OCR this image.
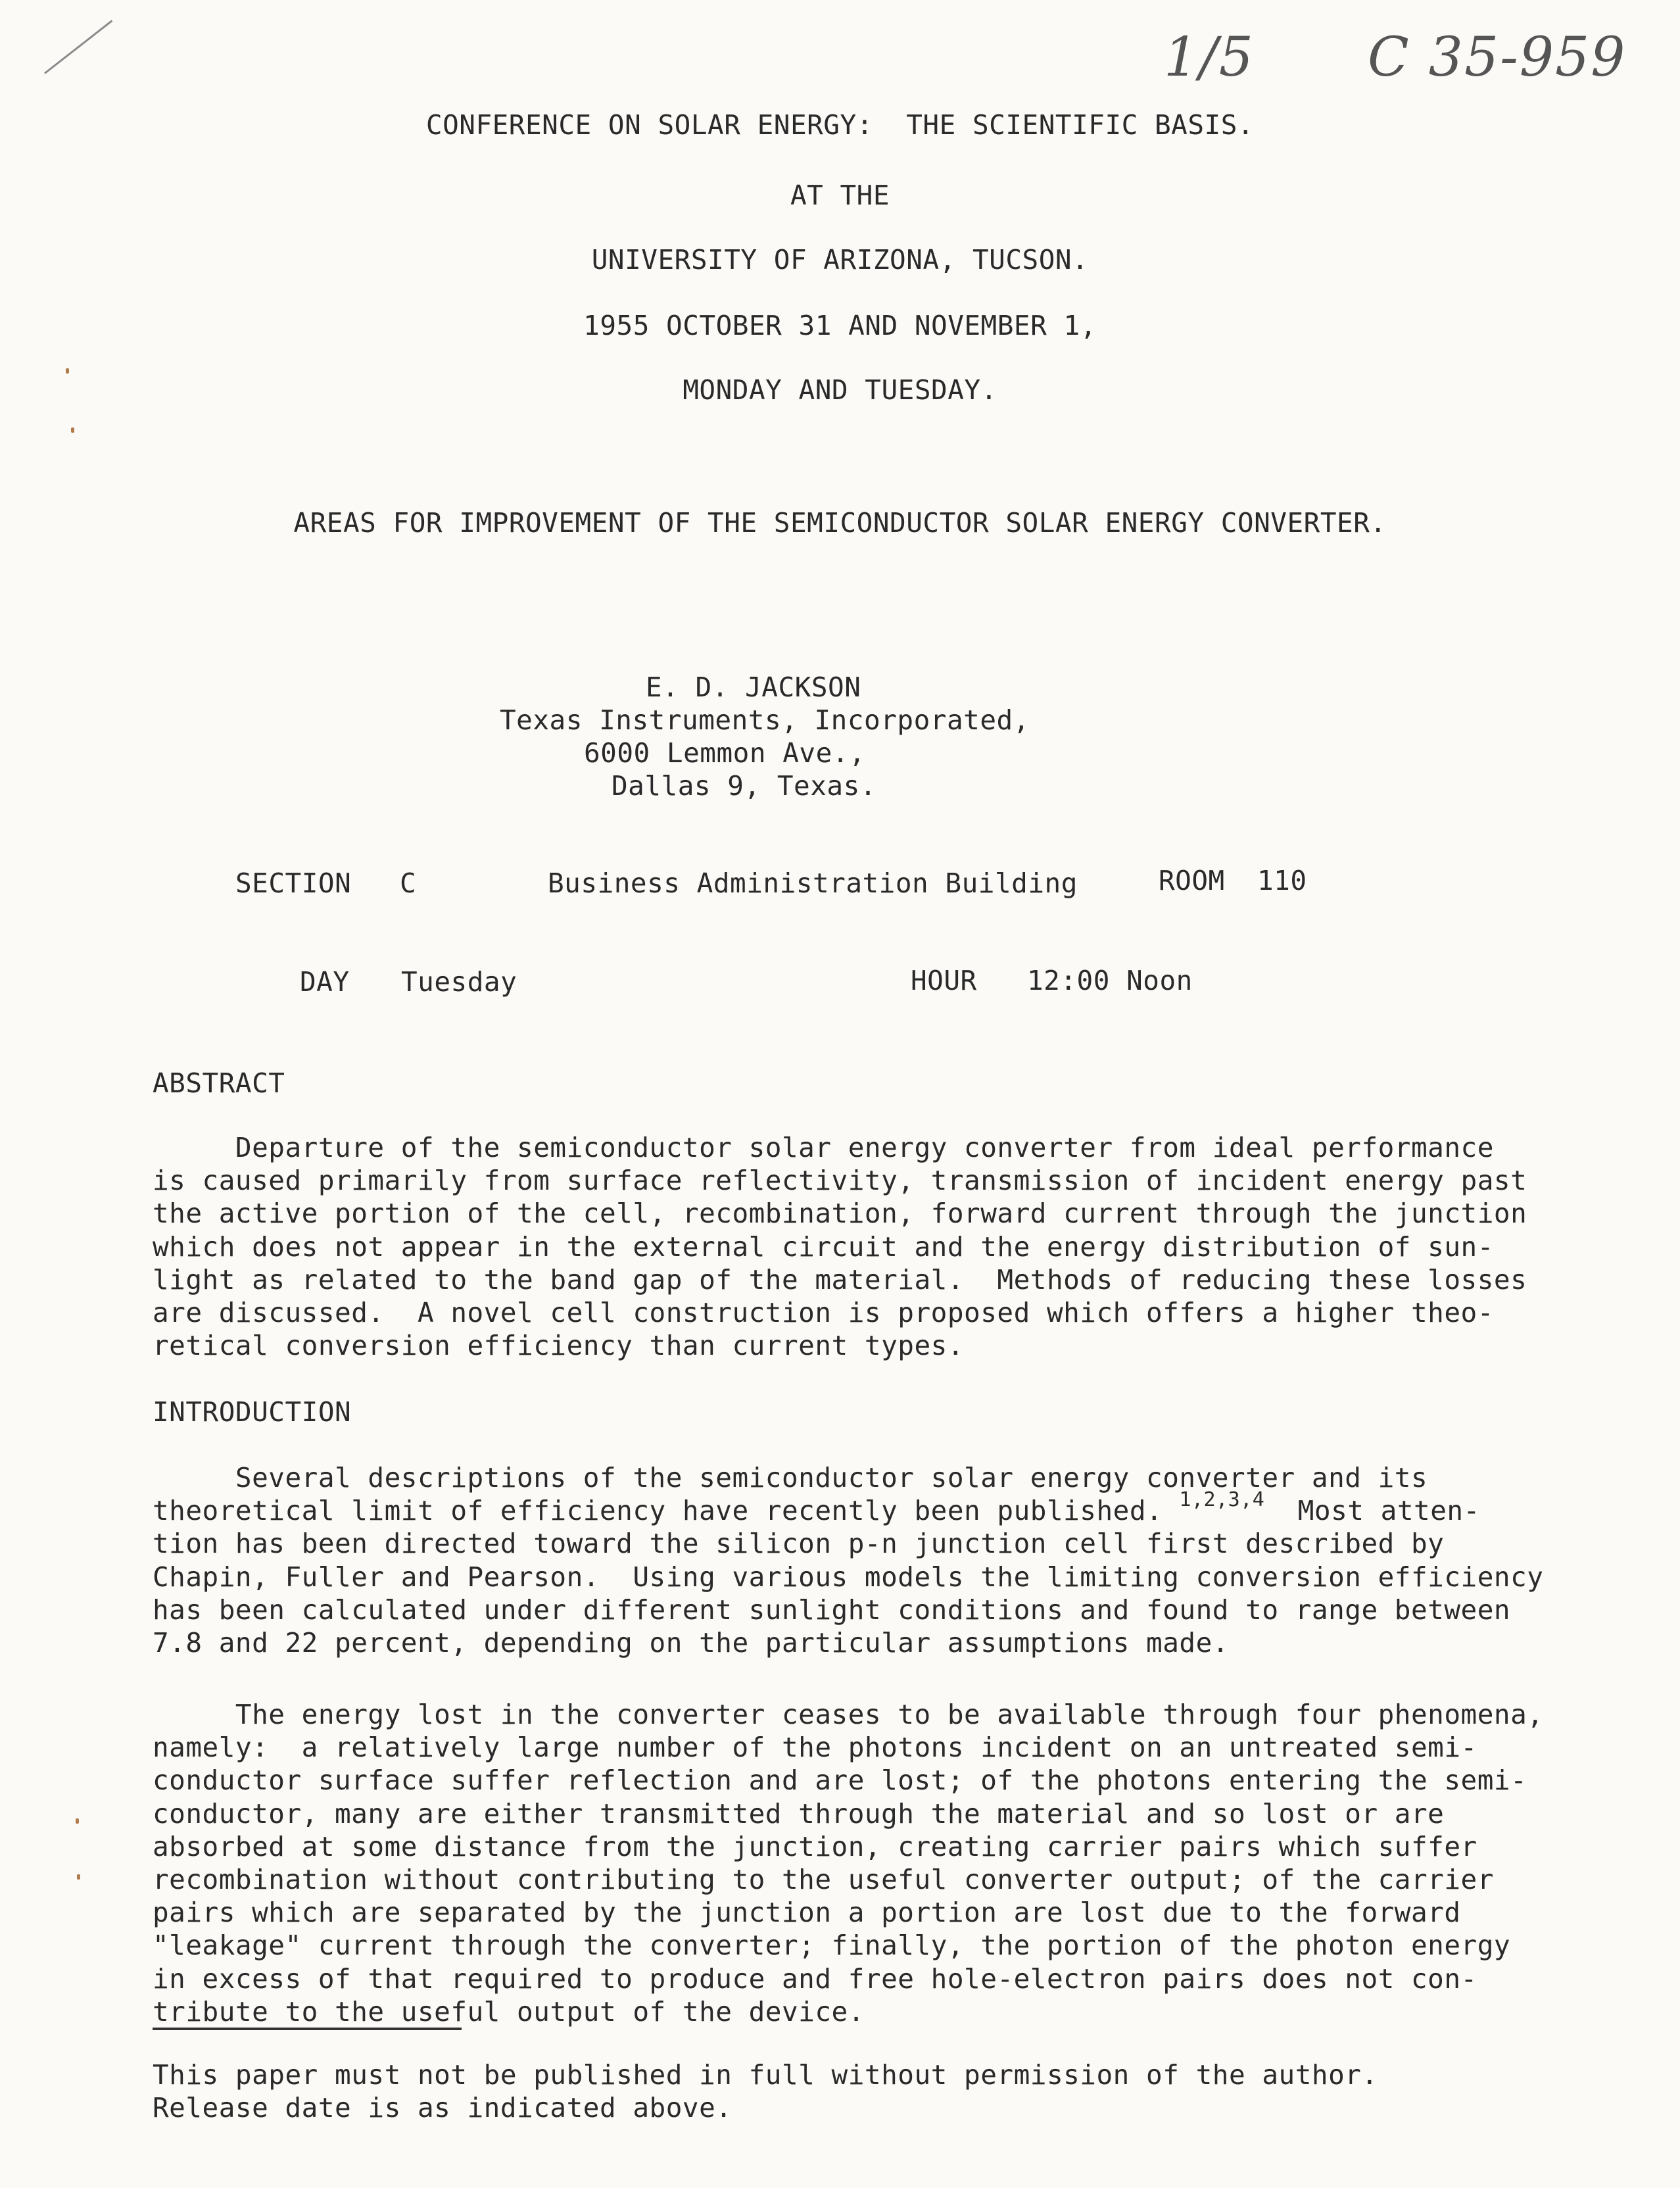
1/5 C 35-959
CONFERENCE ON SOLAR ENERGY:  THE SCIENTIFIC BASIS.
AT THE
UNIVERSITY OF ARIZONA, TUCSON.
1955 OCTOBER 31 AND NOVEMBER 1,
MONDAY AND TUESDAY.
AREAS FOR IMPROVEMENT OF THE SEMICONDUCTOR SOLAR ENERGY CONVERTER.
E. D. JACKSON
Texas Instruments, Incorporated,
6000 Lemmon Ave.,
Dallas 9, Texas.
SECTION C	Business Administration Building	ROOM 110
DAY Tuesday	HOUR 12:00 Noon
ABSTRACT
Departure of the semiconductor solar energy converter from ideal performance
is caused primarily from surface reflectivity, transmission of incident energy past
the active portion of the cell, recombination, forward current through the junction
which does not appear in the external circuit and the energy distribution of sun-
light as related to the band gap of the material.  Methods of reducing these losses
are discussed.  A novel cell construction is proposed which offers a higher theo-
retical conversion efficiency than current types.
INTRODUCTION
Several descriptions of the semiconductor solar energy converter and its
theoretical limit of efficiency have recently been published. $^{1,2,3,4}$  Most atten-
tion has been directed toward the silicon p-n junction cell first described by
Chapin, Fuller and Pearson.  Using various models the limiting conversion efficiency
has been calculated under different sunlight conditions and found to range between
7.8 and 22 percent, depending on the particular assumptions made.
The energy lost in the converter ceases to be available through four phenomena,
namely:  a relatively large number of the photons incident on an untreated semi-
conductor surface suffer reflection and are lost; of the photons entering the semi-
conductor, many are either transmitted through the material and so lost or are
absorbed at some distance from the junction, creating carrier pairs which suffer
recombination without contributing to the useful converter output; of the carrier
pairs which are separated by the junction a portion are lost due to the forward
"leakage" current through the converter; finally, the portion of the photon energy
in excess of that required to produce and free hole-electron pairs does not con-
tribute to the useful output of the device.
This paper must not be published in full without permission of the author.
Release date is as indicated above.
